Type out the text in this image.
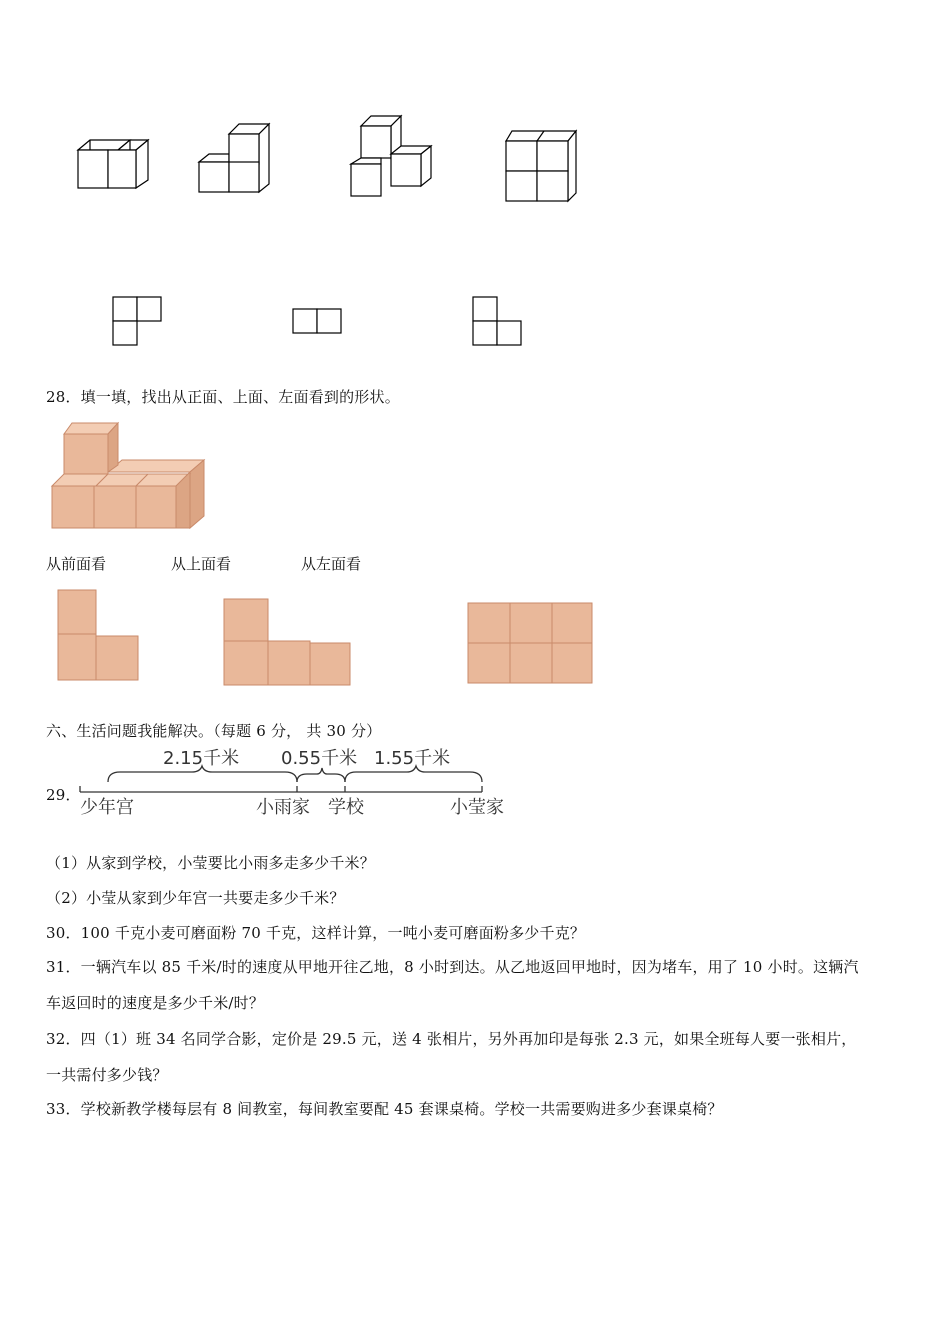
28．填一填，找出从正面、上面、左面看到的形状。
从前面看	从上面看	从左面看
六、生活问题我能解决。（每题 6 分， 共 30 分）
29．
2.15千米 0.55千米 1.55千米
少年宫	小雨家 学校	小莹家
（1）从家到学校，小莹要比小雨多走多少千米？
（2）小莹从家到少年宫一共要走多少千米？
30．100 千克小麦可磨面粉 70 千克，这样计算，一吨小麦可磨面粉多少千克？
31．一辆汽车以 85 千米/时的速度从甲地开往乙地，8 小时到达。从乙地返回甲地时，因为堵车，用了 10 小时。这辆汽
车返回时的速度是多少千米/时？
32．四（1）班 34 名同学合影，定价是 29.5 元，送 4 张相片，另外再加印是每张 2.3 元，如果全班每人要一张相片，
一共需付多少钱？
33．学校新教学楼每层有 8 间教室，每间教室要配 45 套课桌椅。学校一共需要购进多少套课桌椅？
